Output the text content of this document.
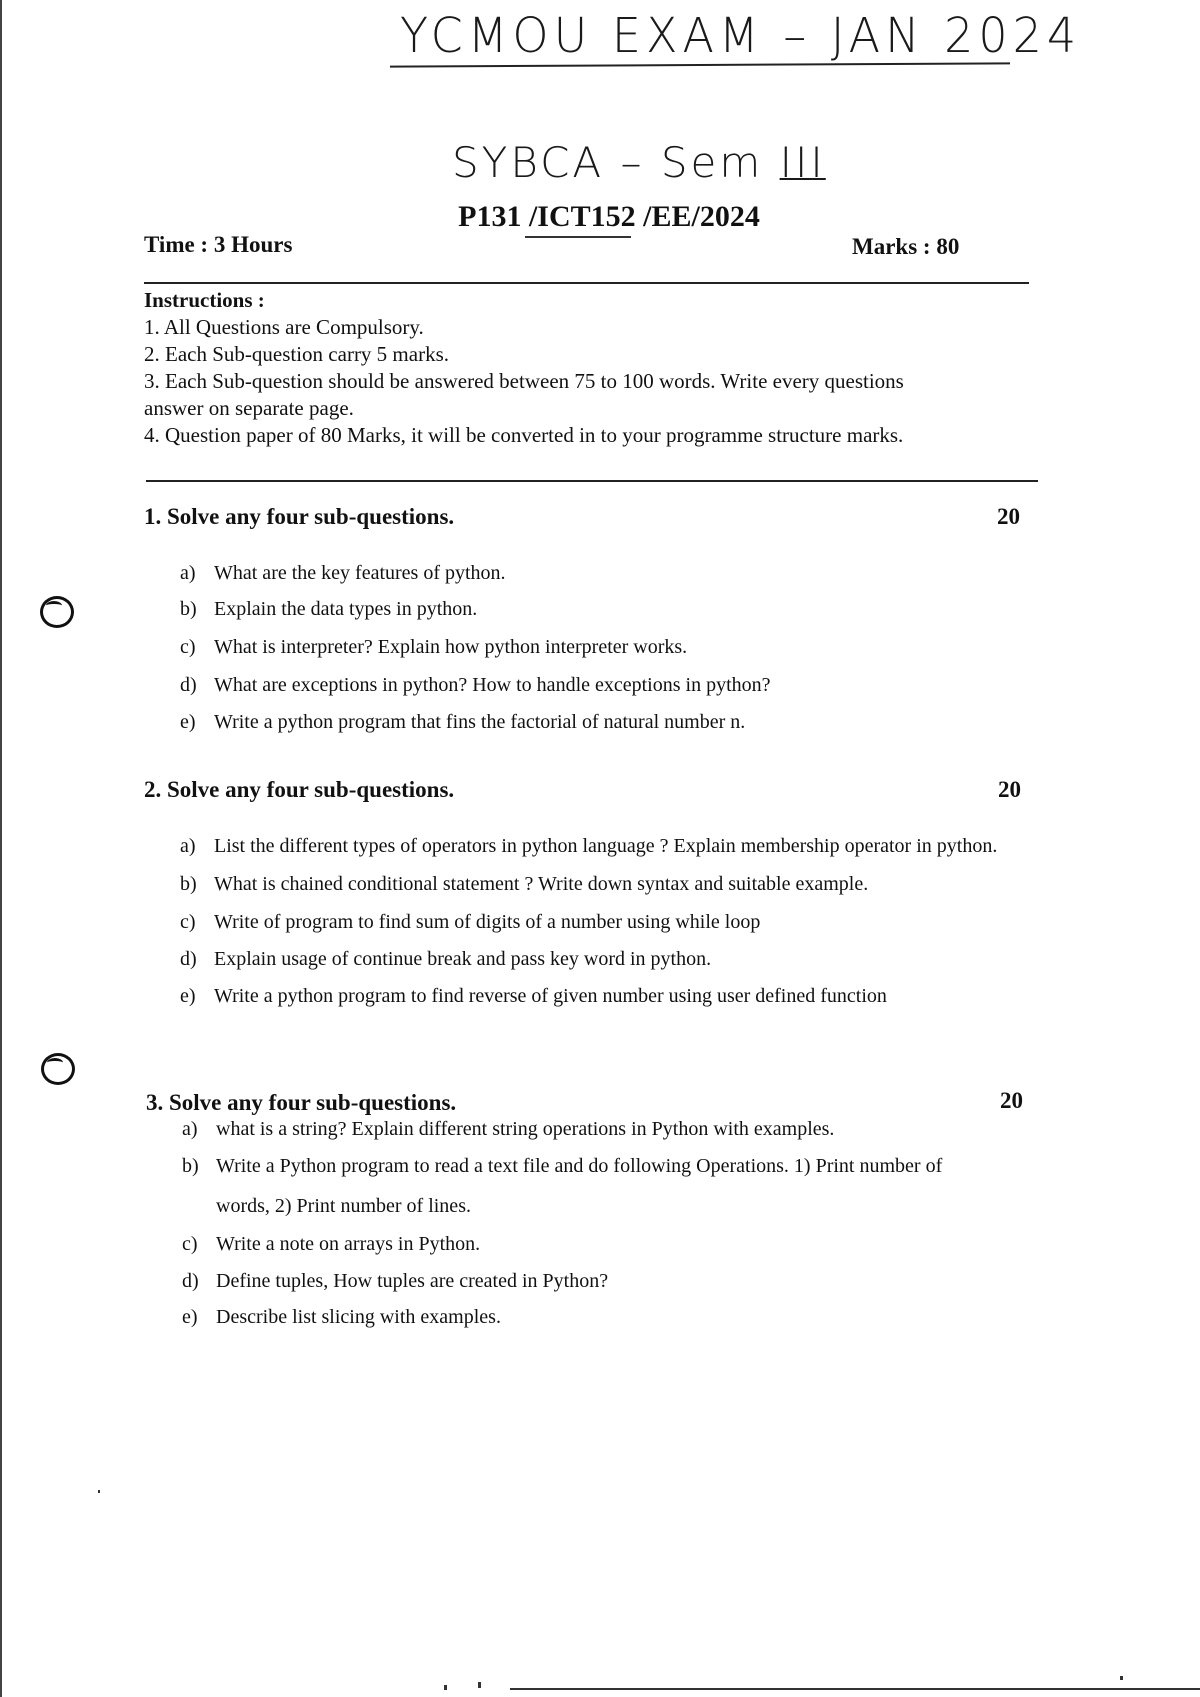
YCMOU EXAM – JAN 2024
SYBCA – Sem III
P131 /ICT152 /EE/2024
Time : 3 Hours	Marks : 80
Instructions :
1. All Questions are Compulsory.
2. Each Sub-question carry 5 marks.
3. Each Sub-question should be answered between 75 to 100 words. Write every questions
answer on separate page.
4. Question paper of 80 Marks, it will be converted in to your programme structure marks.
1. Solve any four sub-questions.	20
a) What are the key features of python.
b) Explain the data types in python.
c) What is interpreter? Explain how python interpreter works.
d) What are exceptions in python? How to handle exceptions in python?
e) Write a python program that fins the factorial of natural number n.
2. Solve any four sub-questions.	20
a) List the different types of operators in python language ? Explain membership operator in python.
b) What is chained conditional statement ? Write down syntax and suitable example.
c) Write of program to find sum of digits of a number using while loop
d) Explain usage of continue break and pass key word in python.
e) Write a python program to find reverse of given number using user defined function
3. Solve any four sub-questions.	20
a) what is a string? Explain different string operations in Python with examples.
b) Write a Python program to read a text file and do following Operations. 1) Print number of
words, 2) Print number of lines.
c) Write a note on arrays in Python.
d) Define tuples, How tuples are created in Python?
e) Describe list slicing with examples.
